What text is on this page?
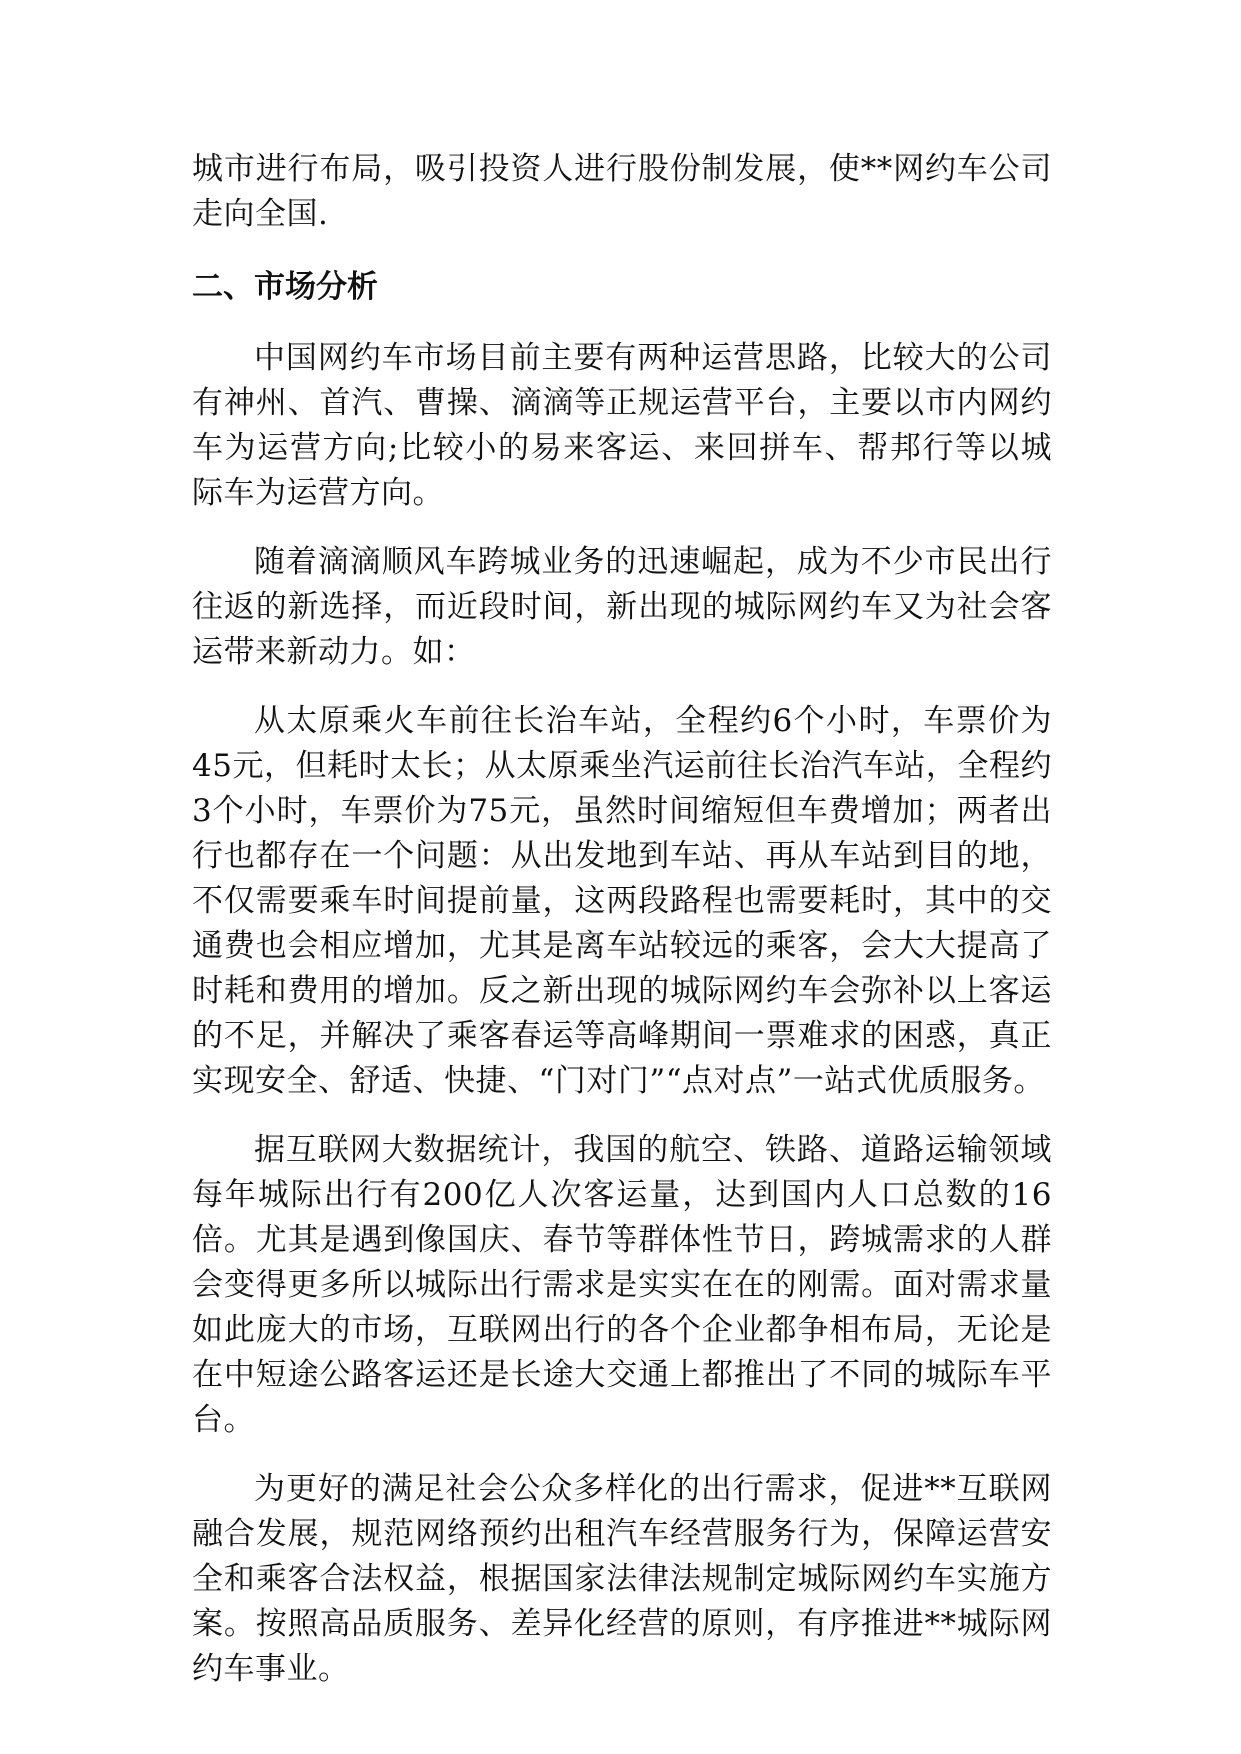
城市进行布局，吸引投资人进行股份制发展，使**网约车公司走向全国.

二、市场分析

中国网约车市场目前主要有两种运营思路，比较大的公司有神州、首汽、曹操、滴滴等正规运营平台，主要以市内网约车为运营方向;比较小的易来客运、来回拼车、帮邦行等以城际车为运营方向。

随着滴滴顺风车跨城业务的迅速崛起，成为不少市民出行往返的新选择，而近段时间，新出现的城际网约车又为社会客运带来新动力。如：

从太原乘火车前往长治车站，全程约6个小时，车票价为45元，但耗时太长；从太原乘坐汽运前往长治汽车站，全程约3个小时，车票价为75元，虽然时间缩短但车费增加；两者出行也都存在一个问题：从出发地到车站、再从车站到目的地，不仅需要乘车时间提前量，这两段路程也需要耗时，其中的交通费也会相应增加，尤其是离车站较远的乘客，会大大提高了时耗和费用的增加。反之新出现的城际网约车会弥补以上客运的不足，并解决了乘客春运等高峰期间一票难求的困惑，真正实现安全、舒适、快捷、“门对门”“点对点”一站式优质服务。

据互联网大数据统计，我国的航空、铁路、道路运输领域每年城际出行有200亿人次客运量，达到国内人口总数的16倍。尤其是遇到像国庆、春节等群体性节日，跨城需求的人群会变得更多所以城际出行需求是实实在在的刚需。面对需求量如此庞大的市场，互联网出行的各个企业都争相布局，无论是在中短途公路客运还是长途大交通上都推出了不同的城际车平台。

为更好的满足社会公众多样化的出行需求，促进**互联网融合发展，规范网络预约出租汽车经营服务行为，保障运营安全和乘客合法权益，根据国家法律法规制定城际网约车实施方案。按照高品质服务、差异化经营的原则，有序推进**城际网约车事业。
